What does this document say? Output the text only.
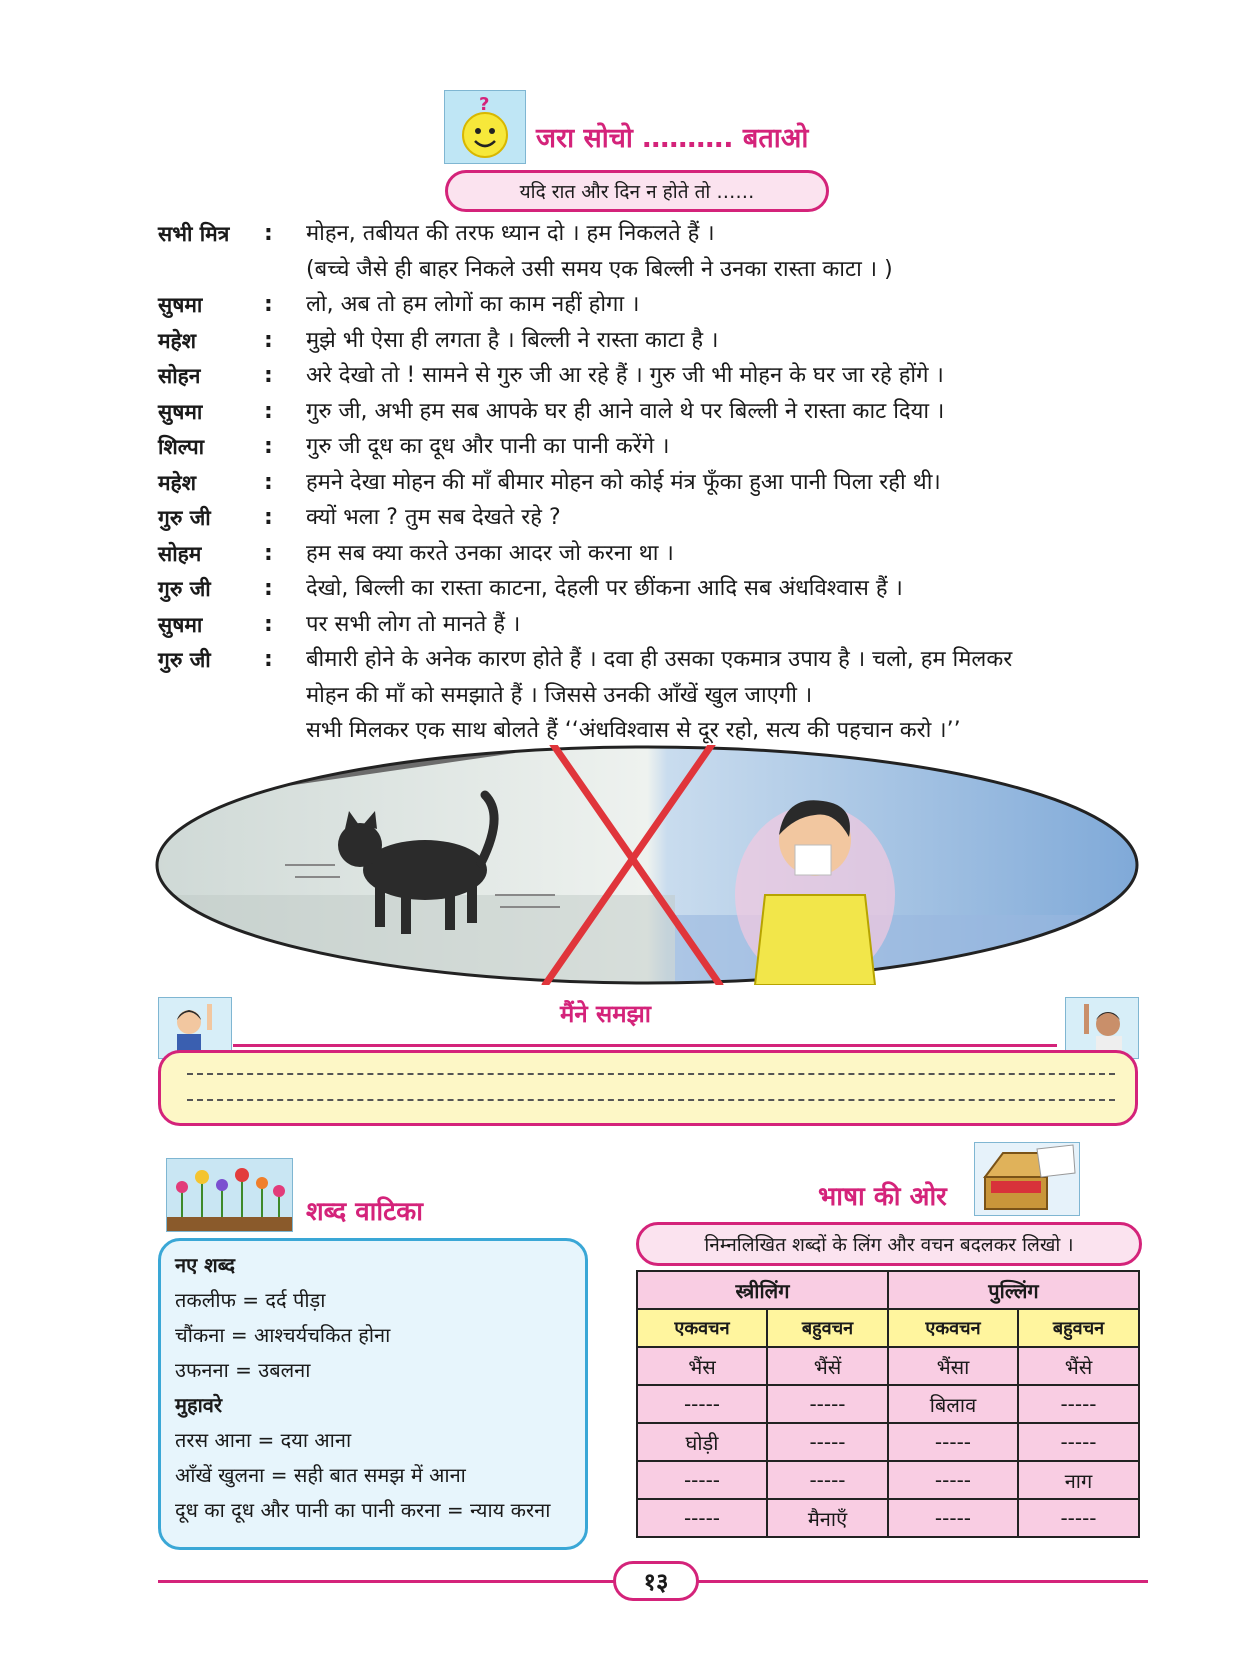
?
जरा सोचो ………. बताओ
यदि रात और दिन न होते तो ……
सभी मित्र	:	मोहन, तबीयत की तरफ ध्यान दो । हम निकलते हैं ।
(बच्चे जैसे ही बाहर निकले उसी समय एक बिल्ली ने उनका रास्ता काटा । )
सुषमा	:	लो, अब तो हम लोगों का काम नहीं होगा ।
महेश	:	मुझे भी ऐसा ही लगता है । बिल्ली ने रास्ता काटा है ।
सोहन	:	अरे देखो तो ! सामने से गुरु जी आ रहे हैं । गुरु जी भी मोहन के घर जा रहे होंगे ।
सुषमा	:	गुरु जी, अभी हम सब आपके घर ही आने वाले थे पर बिल्ली ने रास्ता काट दिया ।
शिल्पा	:	गुरु जी दूध का दूध और पानी का पानी करेंगे ।
महेश	:	हमने देखा मोहन की माँ बीमार मोहन को कोई मंत्र फूँका हुआ पानी पिला रही थी।
गुरु जी	:	क्यों भला ? तुम सब देखते रहे ?
सोहम	:	हम सब क्या करते उनका आदर जो करना था ।
गुरु जी	:	देखो, बिल्ली का रास्ता काटना, देहली पर छींकना आदि सब अंधविश्वास हैं ।
सुषमा	:	पर सभी लोग तो मानते हैं ।
गुरु जी	:	बीमारी होने के अनेक कारण होते हैं । दवा ही उसका एकमात्र उपाय है । चलो, हम मिलकर
मोहन की माँ को समझाते हैं । जिससे उनकी आँखें खुल जाएगी ।
सभी मिलकर एक साथ बोलते हैं ‘‘अंधविश्वास से दूर रहो, सत्य की पहचान करो ।’’
मैंने समझा
शब्द वाटिका
नए शब्द
तकलीफ = दर्द पीड़ा
चौंकना = आश्चर्यचकित होना
उफनना = उबलना
मुहावरे
तरस आना = दया आना
आँखें खुलना = सही बात समझ में आना
दूध का दूध और पानी का पानी करना = न्याय करना
भाषा की ओर
निम्नलिखित शब्दों के लिंग और वचन बदलकर लिखो ।
स्त्रीलिंग		पुल्लिंग	
एकवचन	बहुवचन	एकवचन	बहुवचन
भैंस	भैंसें	भैंसा	भैंसे
-----	-----	बिलाव	-----
घोड़ी	-----	-----	-----
-----	-----	-----	नाग
-----	मैनाएँ	-----	-----
१३
